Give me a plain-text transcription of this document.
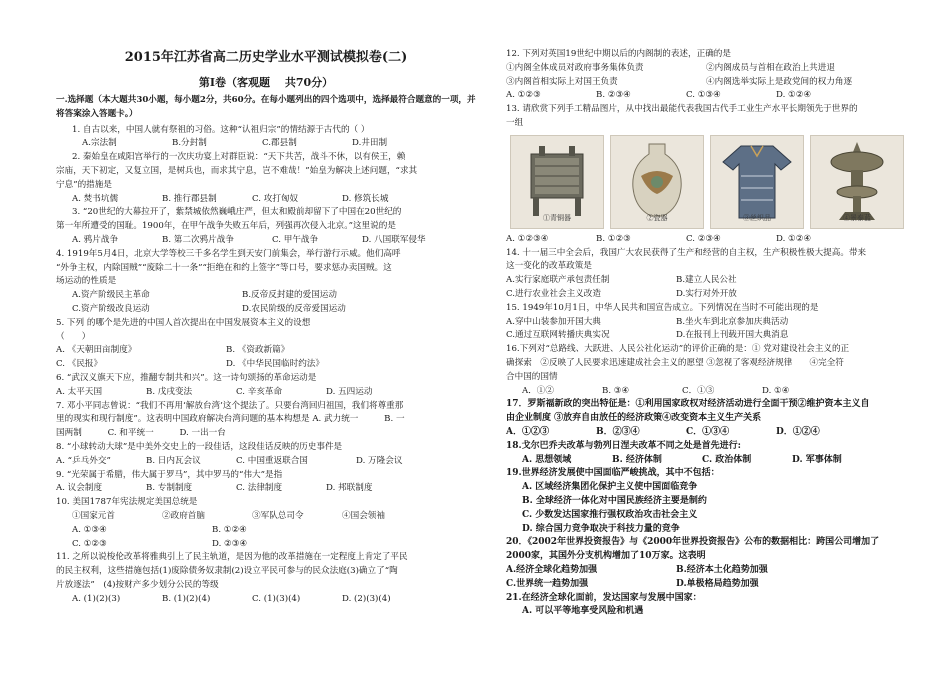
2015年江苏省高二历史学业水平测试模拟卷(二)
第Ⅰ卷（客观题　 共70分）
一.选择题（本大题共30小题，每小题2分，共60分。在每小题列出的四个选项中，选择最符合题意的一项，并将答案涂入答题卡。）
1. 自古以来，中国人就有祭祖的习俗。这种“认祖归宗”的情结源于古代的（ ）
A.宗法制	B.分封制	C.郡县制	D.井田制
2. 秦始皇在咸阳宫举行的一次庆功宴上对群臣说：“天下共苦，战斗不休，以有侯王，赖
宗庙，天下初定，又复立国，是树兵也，而求其宁息，岂不难哉！”始皇为解决上述问题，“求其
宁息”的措施是
A. 焚书坑儒	B. 推行郡县制	C. 攻打匈奴	D. 修筑长城
3. “20世纪的大幕拉开了，紫禁城依然巍峨庄严，但太和殿前却留下了中国在20世纪的
第一年所遭受的国耻。1900年，在甲午战争失败五年后，列强再次侵入北京。”这里说的是
A. 鸦片战争	B. 第二次鸦片战争	C. 甲午战争	D. 八国联军侵华
4. 1919年5月4日，北京大学等校三千多名学生到天安门前集会，举行游行示威。他们高呼
“外争主权，内除国贼”“废除二十一条”“拒绝在和约上签字”等口号，要求惩办卖国贼。这
场运动的性质是
A.资产阶级民主革命	B.反帝反封建的爱国运动
C.资产阶级改良运动	D.农民阶级的反帝爱国运动
5. 下列 的哪个是先进的中国人首次提出在中国发展资本主义的设想
（　　）
A. 《天朝田亩制度》	B. 《资政新篇》
C. 《民报》	D. 《中华民国临时约法》
6. “武汉义旗天下应，推翻专制共和兴”。这一诗句颂扬的革命运动是
A. 太平天国	B. 戊戌变法	C. 辛亥革命	D. 五四运动
7. 邓小平同志曾说：“我们不再用‘解放台湾’这个提法了。只要台湾回归祖国，我们将尊重那
里的现实和现行制度”。这表明中国政府解决台湾问题的基本构想是 A. 武力统一　　　B. 一
国两制　　　C. 和平统一　　　D. 一出一台
8. “小球转动大球”是中美外交史上的一段佳话，这段佳话反映的历史事件是
A. “乒乓外交”	B. 日内瓦会议	C. 中国重返联合国	D. 万隆会议
9. “光荣属于希腊，伟大属于罗马”，其中罗马的“伟大”是指
A. 议会制度	B. 专制制度	C. 法律制度	D. 邦联制度
10. 美国1787年宪法规定美国总统是
①国家元首	②政府首脑	③军队总司令	④国会领袖
A. ①③④	B. ①②④
C. ①②③	D. ②③④
11. 之所以说梭伦改革将雅典引上了民主轨道，是因为他的改革措施在一定程度上肯定了平民
的民主权利，这些措施包括(1)废除债务奴隶制(2)设立平民可参与的民众法庭(3)确立了“陶
片放逐法”　(4)按财产多少划分公民的等级
A. (1)(2)(3)	B. (1)(2)(4)	C. (1)(3)(4)	D. (2)(3)(4)
12. 下列对英国19世纪中期以后的内阁制的表述，正确的是
①内阁全体成员对政府事务集体负责	②内阁成员与首相在政治上共进退
③内阁首相实际上对国王负责	④内阁选举实际上是政党间的权力角逐
A. ①②③	B. ②③④	C. ①③④	D. ①②④
13. 请欣赏下列手工精品图片，从中找出最能代表我国古代手工业生产水平长期领先于世界的
一组
①青铜器	②瓷器	③丝织品	④景泰蓝
A. ①②③④	B. ①②③	C. ②③④	D. ①②④
14. 十一届三中全会后，我国广大农民获得了生产和经营的自主权，生产积极性极大提高。带来
这一变化的改革政策是
A.实行家庭联产承包责任制	B.建立人民公社
C.进行农业社会主义改造	D.实行对外开放
15. 1949年10月1日，中华人民共和国宣告成立。下列情况在当时不可能出现的是
A.穿中山装参加开国大典	B.坐火车到北京参加庆典活动
C.通过互联网转播庆典实况	D.在报刊上刊载开国大典消息
16.下列对“总路线、大跃进、人民公社化运动”的评价正确的是：① 党对建设社会主义的正
确探索　②反映了人民要求迅速建成社会主义的愿望 ③忽视了客观经济规律　　④完全符
合中国的国情
A．①②	B. ③④	C．①③	D. ①④
17．罗斯福新政的突出特征是：①利用国家政权对经济活动进行全面干预②维护资本主义自
由企业制度 ③放弃自由放任的经济政策④改变资本主义生产关系
A．①②③	B．②③④	C．①③④	D．①②④
18.戈尔巴乔夫改革与勃列日涅夫改革不同之处是首先进行:
A. 思想领域	B. 经济体制	C. 政治体制	D. 军事体制
19.世界经济发展使中国面临严峻挑战，其中不包括：
A. 区域经济集团化保护主义使中国面临竞争
B. 全球经济一体化对中国民族经济主要是制约
C. 少数发达国家推行强权政治攻击社会主义
D. 综合国力竞争取决于科技力量的竞争
20．《2002年世界投资报告》与《2000年世界投资报告》公布的数据相比：跨国公司增加了
2000家，其国外分支机构增加了10万家。这表明
A.经济全球化趋势加强	B.经济本土化趋势加强
C.世界统一趋势加强	D.单极格局趋势加强
21.在经济全球化面前，发达国家与发展中国家：
A. 可以平等地享受风险和机遇
